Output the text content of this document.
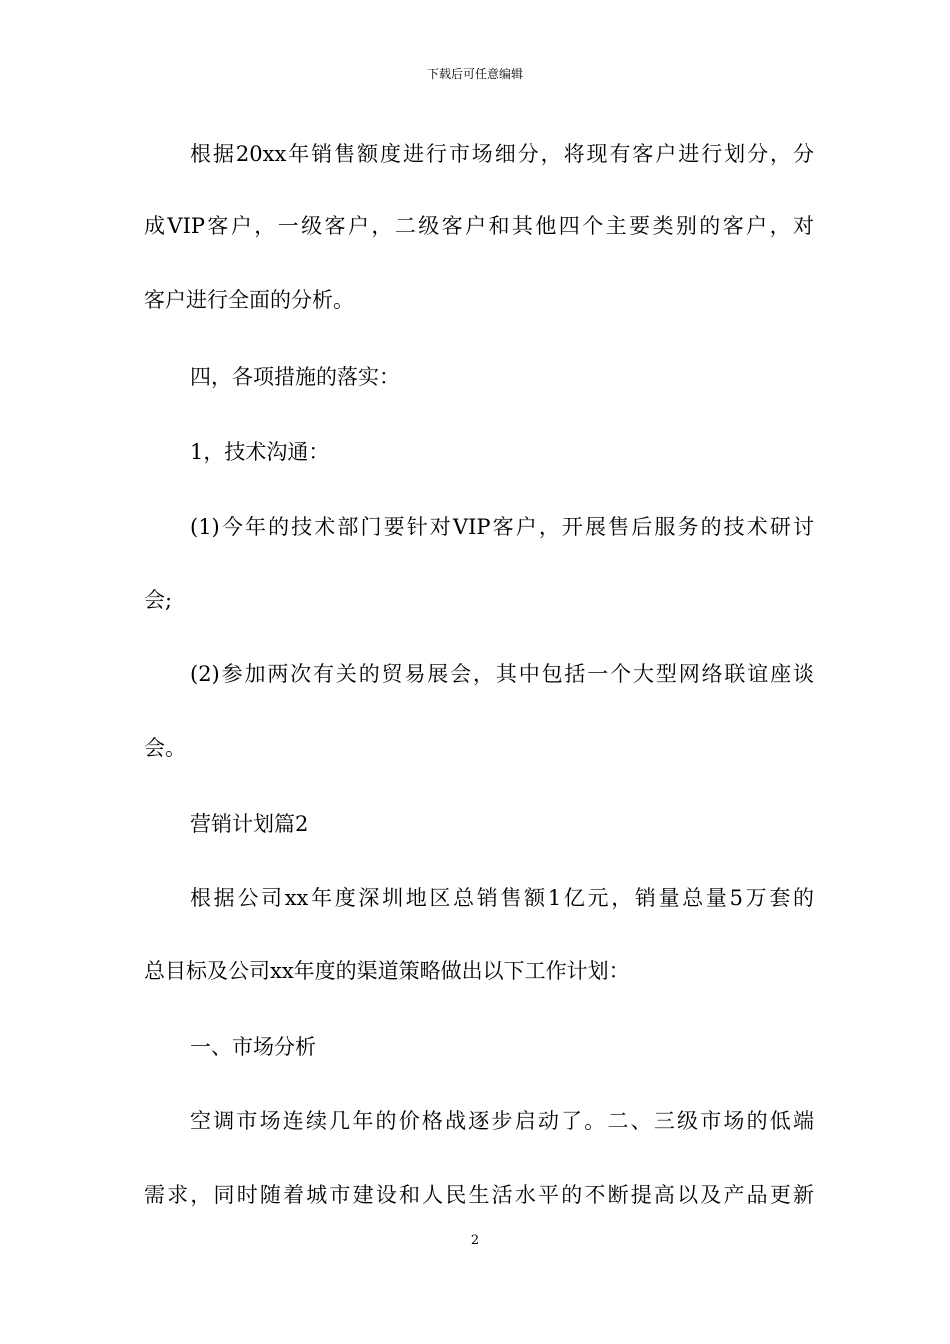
下载后可任意编辑
根据20xx年销售额度进行市场细分，将现有客户进行划分，分
成VIP客户，一级客户，二级客户和其他四个主要类别的客户，对
客户进行全面的分析。
四，各项措施的落实：
1，技术沟通：
(1)今年的技术部门要针对VIP客户，开展售后服务的技术研讨
会;
(2)参加两次有关的贸易展会，其中包括一个大型网络联谊座谈
会。
营销计划篇2
根据公司xx年度深圳地区总销售额1亿元，销量总量5万套的
总目标及公司xx年度的渠道策略做出以下工作计划：
一、市场分析
空调市场连续几年的价格战逐步启动了。二、三级市场的低端
需求，同时随着城市建设和人民生活水平的不断提高以及产品更新
2
